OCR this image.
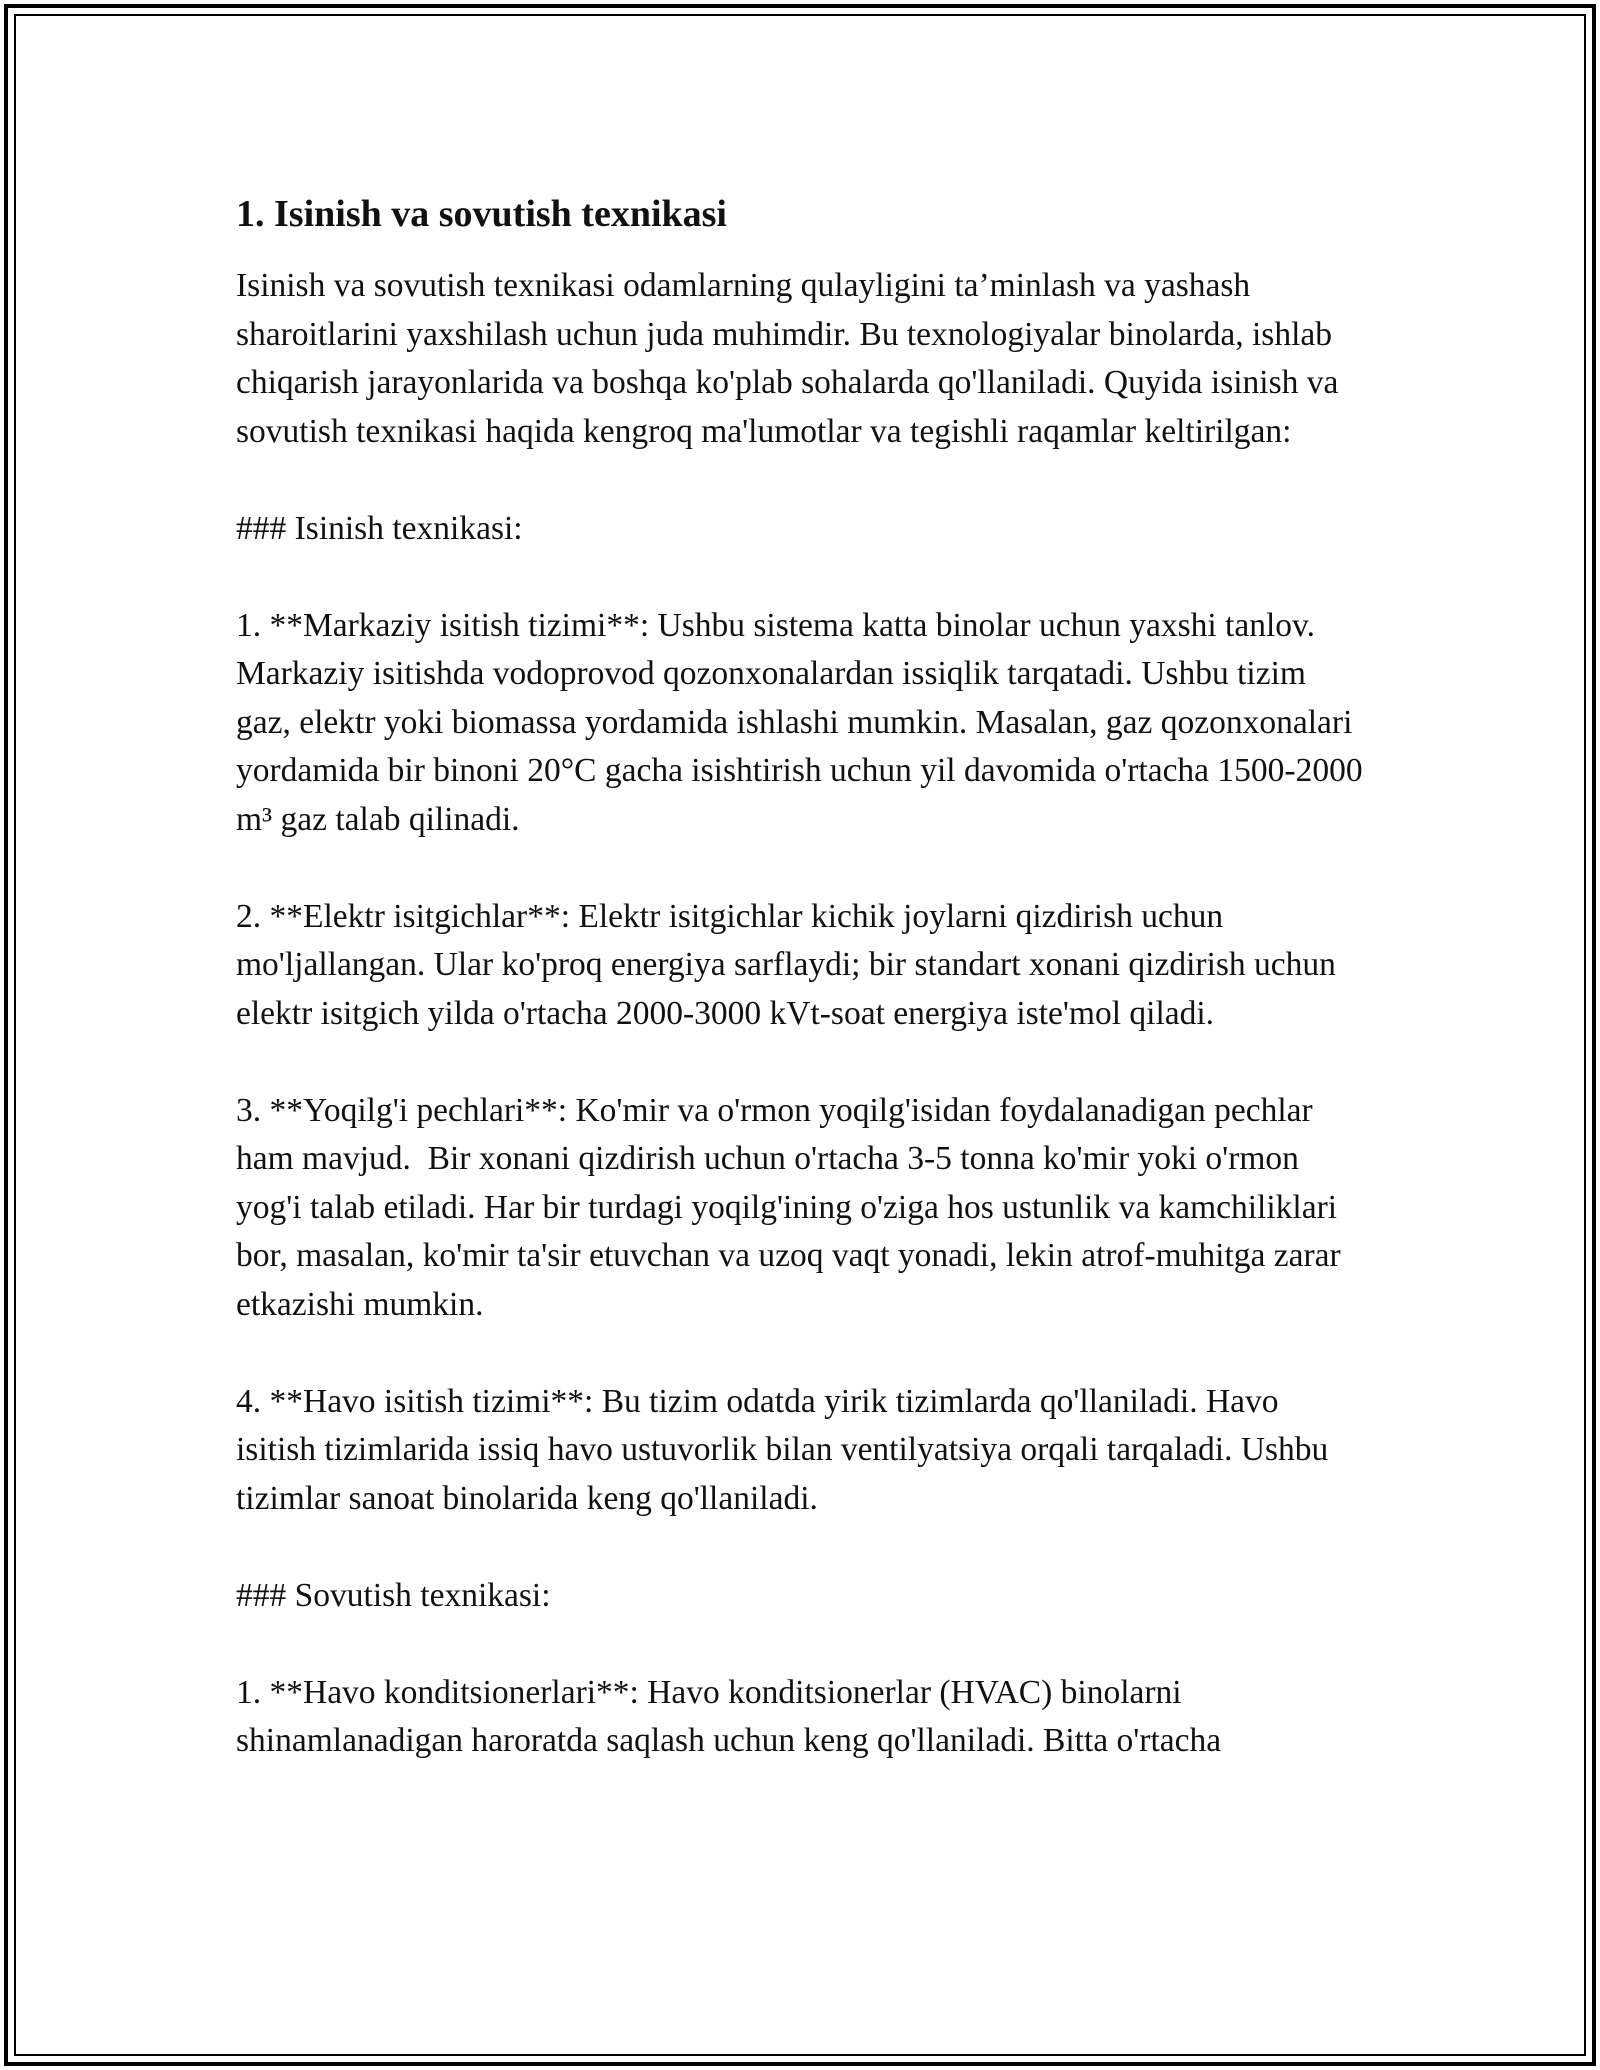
1. Isinish va sovutish texnikasi

Isinish va sovutish texnikasi odamlarning qulayligini ta’minlash va yashash sharoitlarini yaxshilash uchun juda muhimdir. Bu texnologiyalar binolarda, ishlab chiqarish jarayonlarida va boshqa ko'plab sohalarda qo'llaniladi. Quyida isinish va sovutish texnikasi haqida kengroq ma'lumotlar va tegishli raqamlar keltirilgan:

### Isinish texnikasi:

1. **Markaziy isitish tizimi**: Ushbu sistema katta binolar uchun yaxshi tanlov. Markaziy isitishda vodoprovod qozonxonalardan issiqlik tarqatadi. Ushbu tizim gaz, elektr yoki biomassa yordamida ishlashi mumkin. Masalan, gaz qozonxonalari yordamida bir binoni 20°C gacha isishtirish uchun yil davomida o'rtacha 1500-2000 m³ gaz talab qilinadi.

2. **Elektr isitgichlar**: Elektr isitgichlar kichik joylarni qizdirish uchun mo'ljallangan. Ular ko'proq energiya sarflaydi; bir standart xonani qizdirish uchun elektr isitgich yilda o'rtacha 2000-3000 kVt-soat energiya iste'mol qiladi.

3. **Yoqilg'i pechlari**: Ko'mir va o'rmon yoqilg'isidan foydalanadigan pechlar ham mavjud.  Bir xonani qizdirish uchun o'rtacha 3-5 tonna ko'mir yoki o'rmon yog'i talab etiladi. Har bir turdagi yoqilg'ining o'ziga hos ustunlik va kamchiliklari bor, masalan, ko'mir ta'sir etuvchan va uzoq vaqt yonadi, lekin atrof-muhitga zarar etkazishi mumkin.

4. **Havo isitish tizimi**: Bu tizim odatda yirik tizimlarda qo'llaniladi. Havo isitish tizimlarida issiq havo ustuvorlik bilan ventilyatsiya orqali tarqaladi. Ushbu tizimlar sanoat binolarida keng qo'llaniladi.

### Sovutish texnikasi:

1. **Havo konditsionerlari**: Havo konditsionerlar (HVAC) binolarni shinamlanadigan haroratda saqlash uchun keng qo'llaniladi. Bitta o'rtacha
